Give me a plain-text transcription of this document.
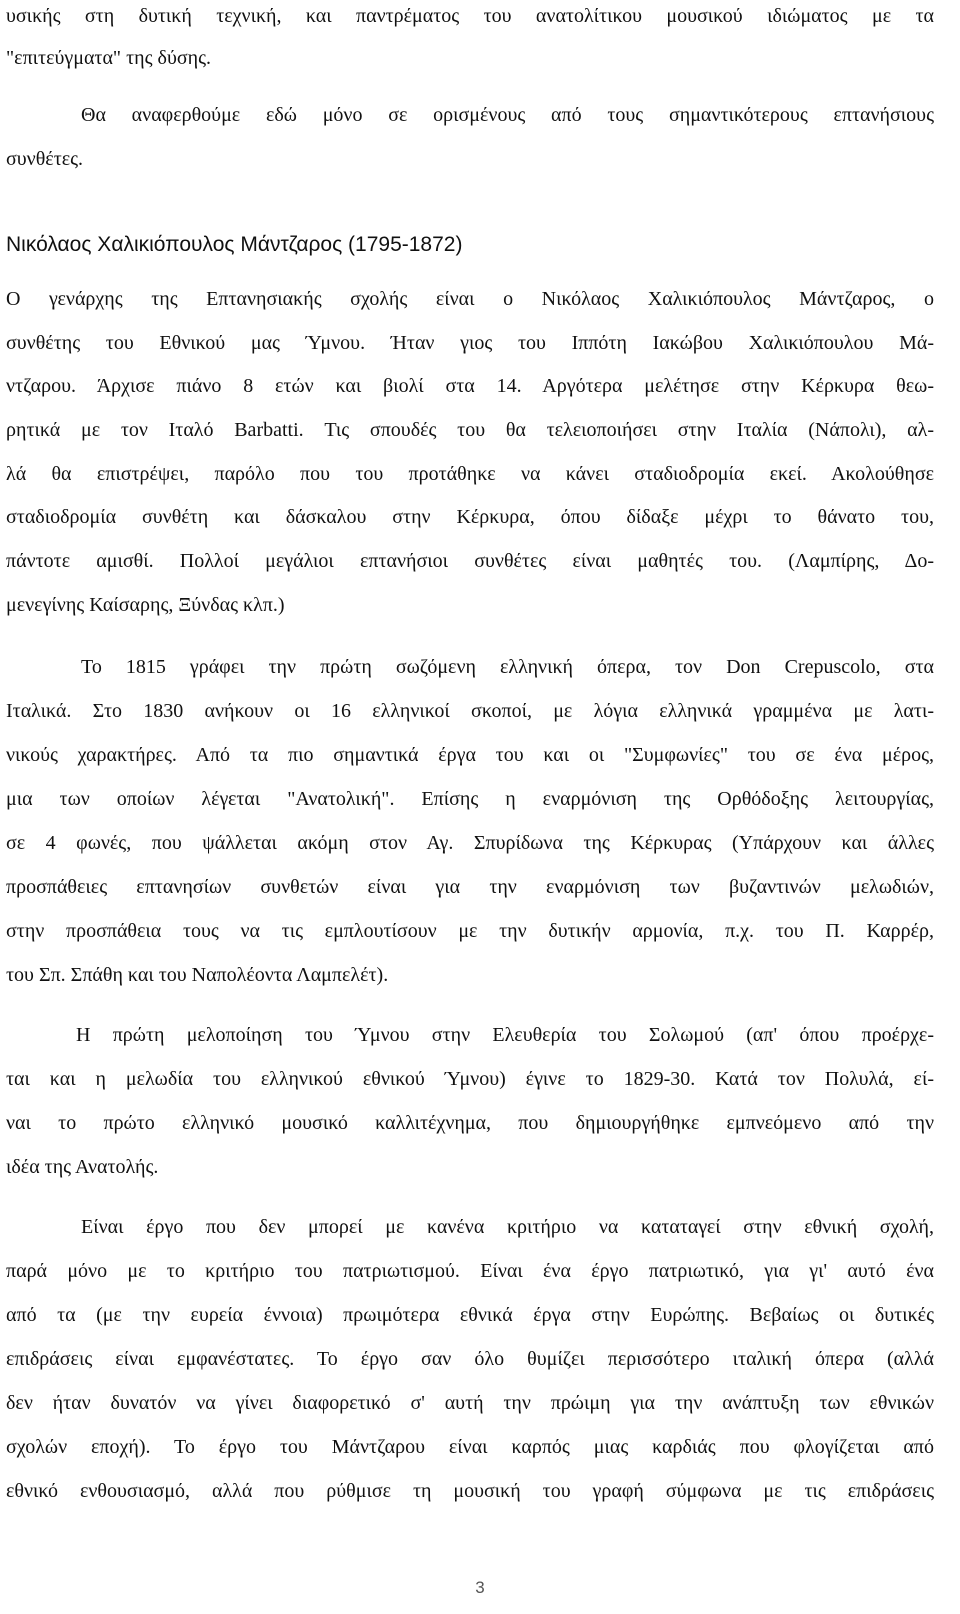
υσικής στη δυτική τεχνική, και παντρέματος του ανατολίτικου μουσικού ιδιώματος με τα
"επιτεύγματα" της δύσης.
Θα αναφερθούμε εδώ μόνο σε ορισμένους από τους σημαντικότερους επτανήσιους
συνθέτες.
Νικόλαος Χαλικιόπουλος Μάντζαρος (1795-1872)
Ο γενάρχης της Επτανησιακής σχολής είναι ο Νικόλαος Χαλικιόπουλος Μάντζαρος, ο
συνθέτης του Εθνικού μας Ύμνου. Ήταν γιος του Ιππότη Ιακώβου Χαλικιόπουλου Μά-
ντζαρου. Άρχισε πιάνο 8 ετών και βιολί στα 14. Αργότερα μελέτησε στην Κέρκυρα θεω-
ρητικά με τον Ιταλό Barbatti. Τις σπουδές του θα τελειοποιήσει στην Ιταλία (Νάπολι), αλ-
λά θα επιστρέψει, παρόλο που του προτάθηκε να κάνει σταδιοδρομία εκεί. Ακολούθησε
σταδιοδρομία συνθέτη και δάσκαλου στην Κέρκυρα, όπου δίδαξε μέχρι το θάνατο του,
πάντοτε αμισθί. Πολλοί μεγάλιοι επτανήσιοι συνθέτες είναι μαθητές του. (Λαμπίρης, Δο-
μενεγίνης Καίσαρης, Ξύνδας κλπ.)
Το 1815 γράφει την πρώτη σωζόμενη ελληνική όπερα, τον Don Crepuscolo, στα
Ιταλικά. Στο 1830 ανήκουν οι 16 ελληνικοί σκοποί, με λόγια ελληνικά γραμμένα με λατι-
νικούς χαρακτήρες. Από τα πιο σημαντικά έργα του και οι "Συμφωνίες" του σε ένα μέρος,
μια των οποίων λέγεται "Ανατολική". Επίσης η εναρμόνιση της Ορθόδοξης λειτουργίας,
σε 4 φωνές, που ψάλλεται ακόμη στον Αγ. Σπυρίδωνα της Κέρκυρας (Υπάρχουν και άλλες
προσπάθειες επτανησίων συνθετών είναι για την εναρμόνιση των βυζαντινών μελωδιών,
στην προσπάθεια τους να τις εμπλουτίσουν με την δυτικήν αρμονία, π.χ. του Π. Καρρέρ,
του Σπ. Σπάθη και του Ναπολέοντα Λαμπελέτ).
Η πρώτη μελοποίηση του Ύμνου στην Ελευθερία του Σολωμού (απ' όπου προέρχε-
ται και η μελωδία του ελληνικού εθνικού Ύμνου) έγινε το 1829-30. Κατά τον Πολυλά, εί-
ναι το πρώτο ελληνικό μουσικό καλλιτέχνημα, που δημιουργήθηκε εμπνεόμενο από την
ιδέα της Ανατολής.
Είναι έργο που δεν μπορεί με κανένα κριτήριο να καταταγεί στην εθνική σχολή,
παρά μόνο με το κριτήριο του πατριωτισμού. Είναι ένα έργο πατριωτικό, για γι' αυτό ένα
από τα (με την ευρεία έννοια) πρωιμότερα εθνικά έργα στην Ευρώπης. Βεβαίως οι δυτικές
επιδράσεις είναι εμφανέστατες. Το έργο σαν όλο θυμίζει περισσότερο ιταλική όπερα (αλλά
δεν ήταν δυνατόν να γίνει διαφορετικό σ' αυτή την πρώιμη για την ανάπτυξη των εθνικών
σχολών εποχή). Το έργο του Μάντζαρου είναι καρπός μιας καρδιάς που φλογίζεται από
εθνικό ενθουσιασμό, αλλά που ρύθμισε τη μουσική του γραφή σύμφωνα με τις επιδράσεις
3
